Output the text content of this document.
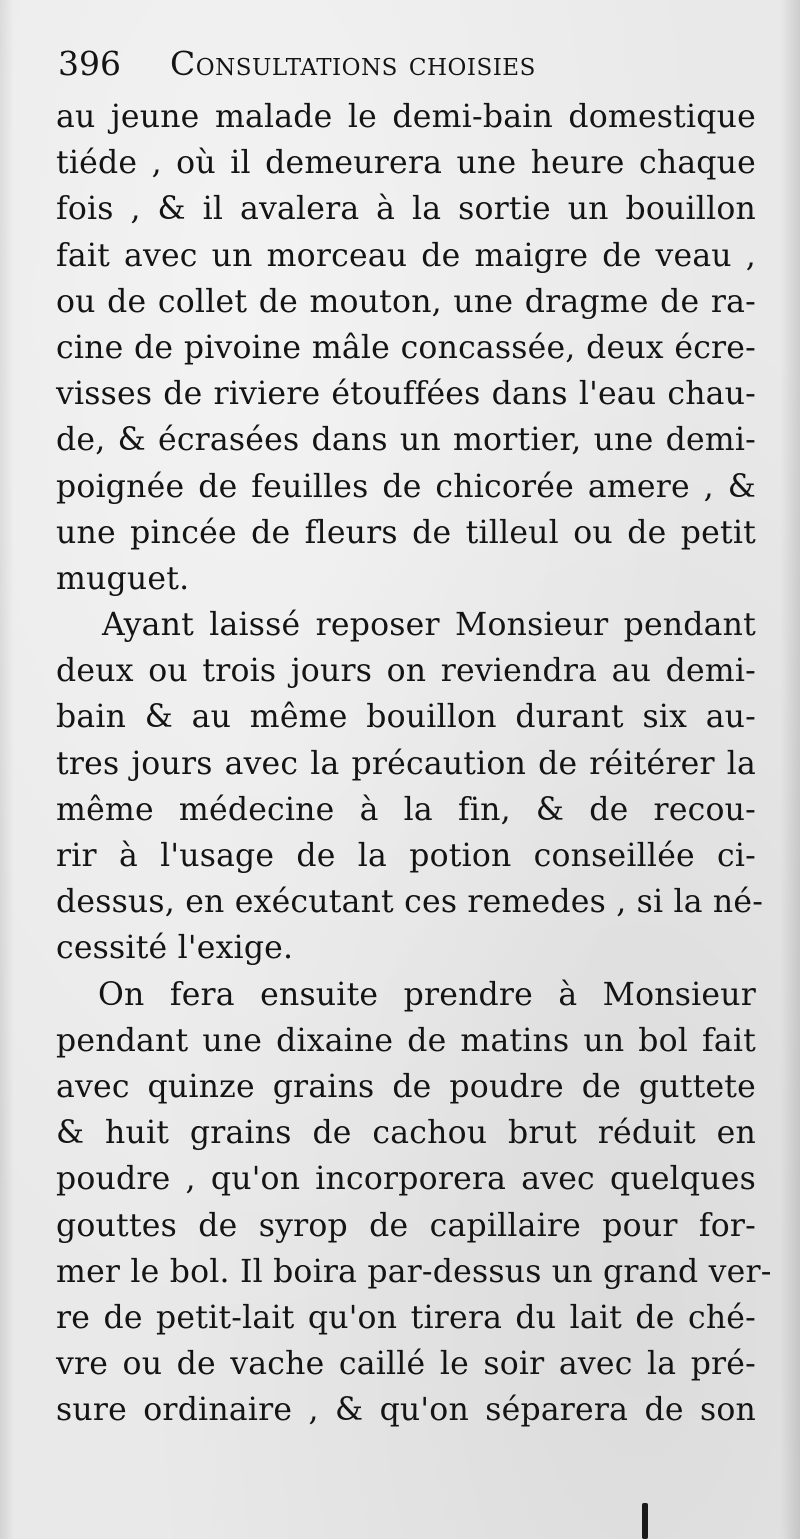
396 Consultations choisies
au jeune malade le demi-bain domestique
tiéde , où il demeurera une heure chaque
fois , & il avalera à la sortie un bouillon
fait avec un morceau de maigre de veau ,
ou de collet de mouton, une dragme de ra-
cine de pivoine mâle concassée, deux écre-
visses de riviere étouffées dans l'eau chau-
de, & écrasées dans un mortier, une demi-
poignée de feuilles de chicorée amere , &
une pincée de fleurs de tilleul ou de petit
muguet.
Ayant laissé reposer Monsieur pendant
deux ou trois jours on reviendra au demi-
bain & au même bouillon durant six au-
tres jours avec la précaution de réitérer la
même médecine à la fin, & de recou-
rir à l'usage de la potion conseillée ci-
dessus, en exécutant ces remedes , si la né-
cessité l'exige.
On fera ensuite prendre à Monsieur
pendant une dixaine de matins un bol fait
avec quinze grains de poudre de guttete
& huit grains de cachou brut réduit en
poudre , qu'on incorporera avec quelques
gouttes de syrop de capillaire pour for-
mer le bol. Il boira par-dessus un grand ver-
re de petit-lait qu'on tirera du lait de ché-
vre ou de vache caillé le soir avec la pré-
sure ordinaire , & qu'on séparera de son
